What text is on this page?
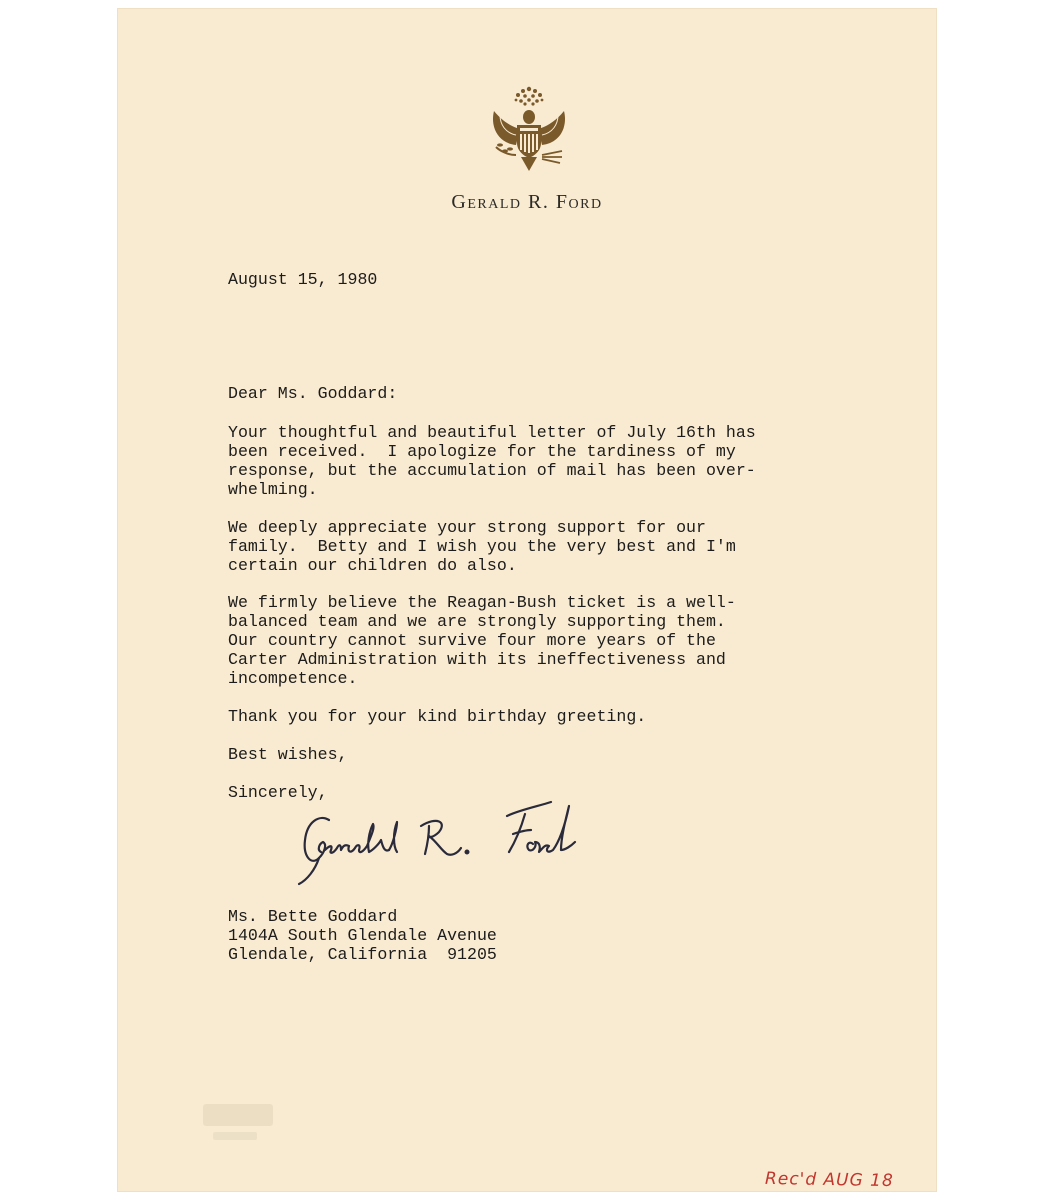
Gerald R. Ford
August 15, 1980
Dear Ms. Goddard:
Your thoughtful and beautiful letter of July 16th has
been received.  I apologize for the tardiness of my
response, but the accumulation of mail has been over-
whelming.
We deeply appreciate your strong support for our
family.  Betty and I wish you the very best and I'm
certain our children do also.
We firmly believe the Reagan-Bush ticket is a well-
balanced team and we are strongly supporting them.
Our country cannot survive four more years of the
Carter Administration with its ineffectiveness and
incompetence.
Thank you for your kind birthday greeting.
Best wishes,
Sincerely,
Ms. Bette Goddard
1404A South Glendale Avenue
Glendale, California  91205
Rec'd AUG 18
